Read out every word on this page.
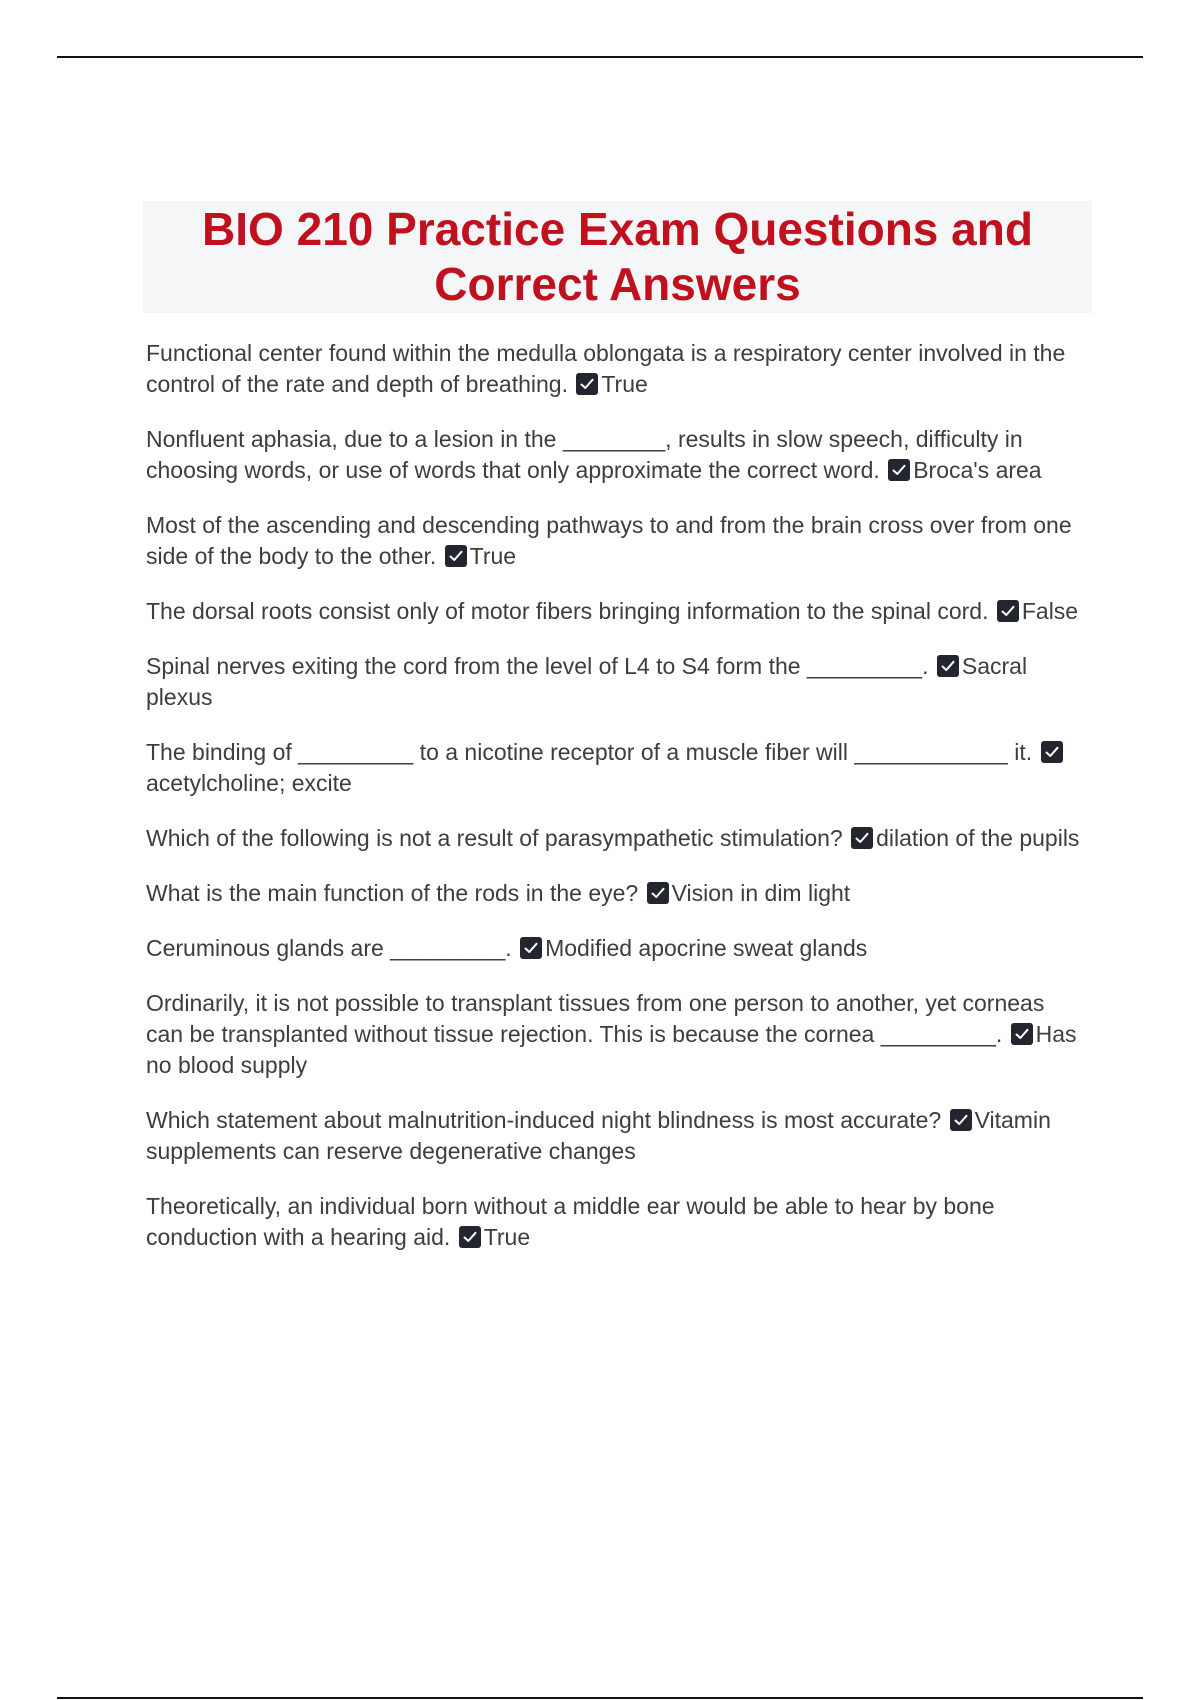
BIO 210 Practice Exam Questions and Correct Answers

Functional center found within the medulla oblongata is a respiratory center involved in the control of the rate and depth of breathing. True

Nonfluent aphasia, due to a lesion in the ________, results in slow speech, difficulty in choosing words, or use of words that only approximate the correct word. Broca's area

Most of the ascending and descending pathways to and from the brain cross over from one side of the body to the other. True

The dorsal roots consist only of motor fibers bringing information to the spinal cord. False

Spinal nerves exiting the cord from the level of L4 to S4 form the _________. Sacral plexus

The binding of _________ to a nicotine receptor of a muscle fiber will ____________ it.
acetylcholine; excite

Which of the following is not a result of parasympathetic stimulation? dilation of the pupils

What is the main function of the rods in the eye? Vision in dim light

Ceruminous glands are _________. Modified apocrine sweat glands

Ordinarily, it is not possible to transplant tissues from one person to another, yet corneas can be transplanted without tissue rejection. This is because the cornea _________. Has no blood supply

Which statement about malnutrition-induced night blindness is most accurate? Vitamin supplements can reserve degenerative changes

Theoretically, an individual born without a middle ear would be able to hear by bone conduction with a hearing aid. True
